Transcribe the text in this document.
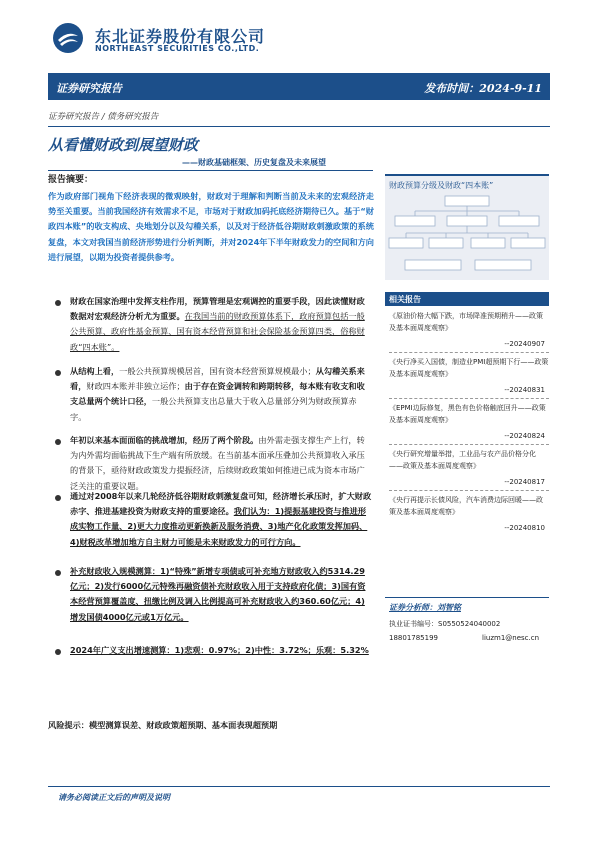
东北证券股份有限公司
NORTHEAST SECURITIES CO.,LTD.
证券研究报告	发布时间：2024-9-11
证券研究报告 / 债务研究报告
从看懂财政到展望财政
——财政基础框架、历史复盘及未来展望
报告摘要：
作为政府部门视角下经济表现的微观映射，财政对于理解和判断当前及未来的宏观经济走势至关重要。当前我国经济有效需求不足，市场对于财政加码托底经济期待已久。基于“财政四本账”的收支构成、央地划分以及勾稽关系，以及对于经济低谷期财政刺激政策的系统复盘，本文对我国当前经济形势进行分析判断，并对2024年下半年财政发力的空间和方向进行展望，以期为投资者提供参考。
财政在国家治理中发挥支柱作用，预算管理是宏观调控的重要手段，因此读懂财政数据对宏观经济分析尤为重要。在我国当前的财政预算体系下，政府预算包括一般公共预算、政府性基金预算、国有资本经营预算和社会保险基金预算四类，俗称财政“四本账”。
从结构上看，一般公共预算规模居首，国有资本经营预算规模最小；从勾稽关系来看，财政四本账并非独立运作；由于存在资金调转和跨期转移，每本账有收支和收支总量两个统计口径，一般公共预算支出总量大于收入总量部分列为财政预算赤字。
年初以来基本面面临的挑战增加，经历了两个阶段。由外需走强支撑生产上行，转为内外需均面临挑战下生产端有所放缓。在当前基本面承压叠加公共预算收入承压的背景下，亟待财政政策发力提振经济，后续财政政策如何推进已成为资本市场广泛关注的重要议题。
通过对2008年以来几轮经济低谷期财政刺激复盘可知，经济增长承压时，扩大财政赤字、推进基建投资为财政支持的重要途径。我们认为：1)提振基建投资与推进形成实物工作量、2)更大力度推动更新换新及服务消费、3)地产化化政策发挥加码、4)财税改革增加地方自主财力可能是未来财政发力的可行方向。
补充财政收入规模测算：1)“特殊”新增专项债或可补充地方财政收入约5314.29亿元；2)发行6000亿元特殊再融资债补充财政收入用于支持政府化债；3)国有资本经营预算覆盖度、扭缴比例及调入比例提高可补充财政收入约360.60亿元；4)增发国债4000亿元或1万亿元。
2024年广义支出增速测算：1)悲观：0.97%；2)中性：3.72%；乐观：5.32%
风险提示：模型测算误差、财政政策超预期、基本面表现超预期
请务必阅读正文后的声明及说明
财政预算分级及财政“四本账”
相关报告
《原油价格大幅下跌，市场降准预期稍升——政策及基本面周度观察》
--20240907
《央行净买入国债，制造业PMI超预期下行——政策及基本面周度观察》
--20240831
《EPMI边际修复，黑色有色价格触底回升——政策及基本面周度观察》
--20240824
《央行研究增量举措，工业品与农产品价格分化——政策及基本面周度观察》
--20240817
《央行再提示长债风险，汽车消费边际回暖——政策及基本面周度观察》
--20240810
证券分析师：刘智铭
执业证书编号：S0550524040002
18801785199	liuzm1@nesc.cn
